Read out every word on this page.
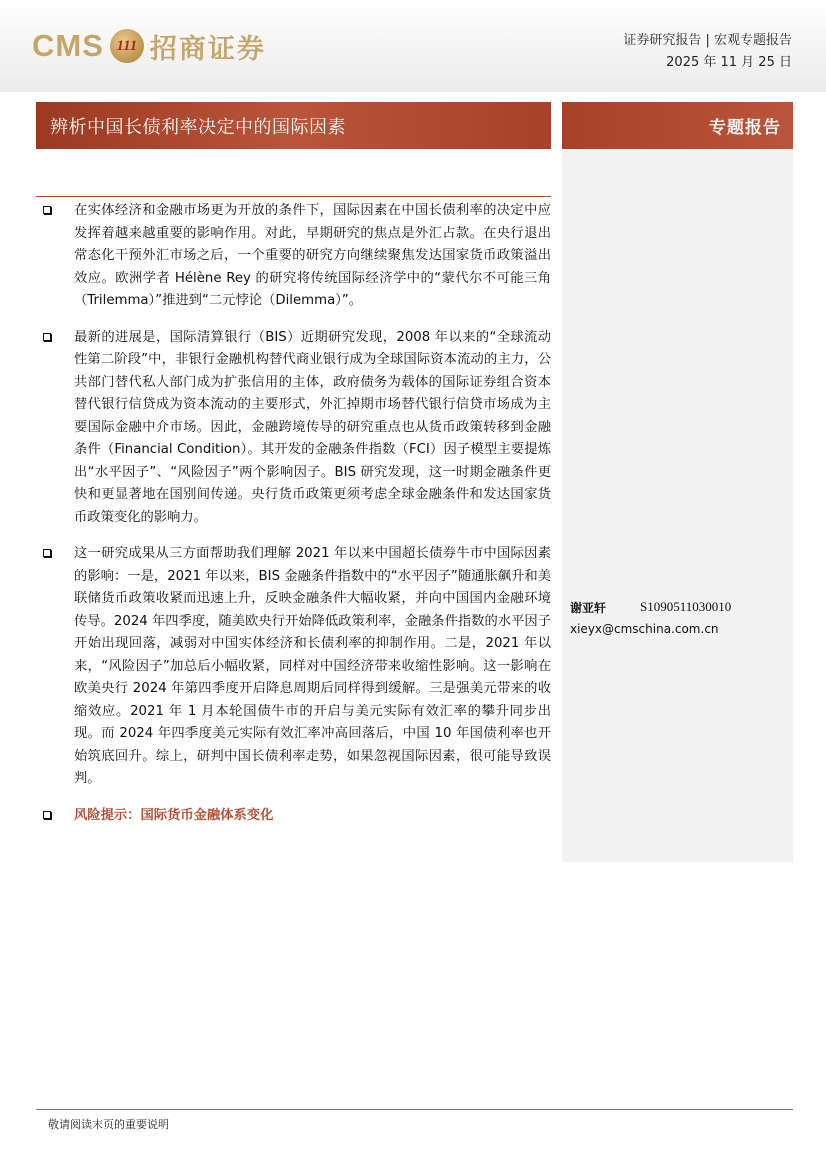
CMS 111 招商证券	证券研究报告 | 宏观专题报告
2025 年 11 月 25 日
辨析中国长债利率决定中的国际因素	专题报告
谢亚轩	S1090511030010
xieyx@cmschina.com.cn
在实体经济和金融市场更为开放的条件下，国际因素在中国长债利率的决定中应发挥着越来越重要的影响作用。对此，早期研究的焦点是外汇占款。在央行退出常态化干预外汇市场之后，一个重要的研究方向继续聚焦发达国家货币政策溢出效应。欧洲学者 Hélène Rey 的研究将传统国际经济学中的“蒙代尔不可能三角（Trilemma）”推进到“二元悖论（Dilemma）”。
最新的进展是，国际清算银行（BIS）近期研究发现，2008 年以来的“全球流动性第二阶段”中，非银行金融机构替代商业银行成为全球国际资本流动的主力，公共部门替代私人部门成为扩张信用的主体，政府债务为载体的国际证券组合资本替代银行信贷成为资本流动的主要形式，外汇掉期市场替代银行信贷市场成为主要国际金融中介市场。因此，金融跨境传导的研究重点也从货币政策转移到金融条件（Financial Condition）。其开发的金融条件指数（FCI）因子模型主要提炼出“水平因子”、“风险因子”两个影响因子。BIS 研究发现，这一时期金融条件更快和更显著地在国别间传递。央行货币政策更须考虑全球金融条件和发达国家货币政策变化的影响力。
这一研究成果从三方面帮助我们理解 2021 年以来中国超长债券牛市中国际因素的影响：一是，2021 年以来，BIS 金融条件指数中的“水平因子”随通胀飙升和美联储货币政策收紧而迅速上升，反映金融条件大幅收紧，并向中国国内金融环境传导。2024 年四季度，随美欧央行开始降低政策利率，金融条件指数的水平因子开始出现回落，减弱对中国实体经济和长债利率的抑制作用。二是，2021 年以来，“风险因子”加总后小幅收紧，同样对中国经济带来收缩性影响。这一影响在欧美央行 2024 年第四季度开启降息周期后同样得到缓解。三是强美元带来的收缩效应。2021 年 1 月本轮国债牛市的开启与美元实际有效汇率的攀升同步出现。而 2024 年四季度美元实际有效汇率冲高回落后，中国 10 年国债利率也开始筑底回升。综上，研判中国长债利率走势，如果忽视国际因素，很可能导致误判。
风险提示：国际货币金融体系变化
敬请阅读末页的重要说明
